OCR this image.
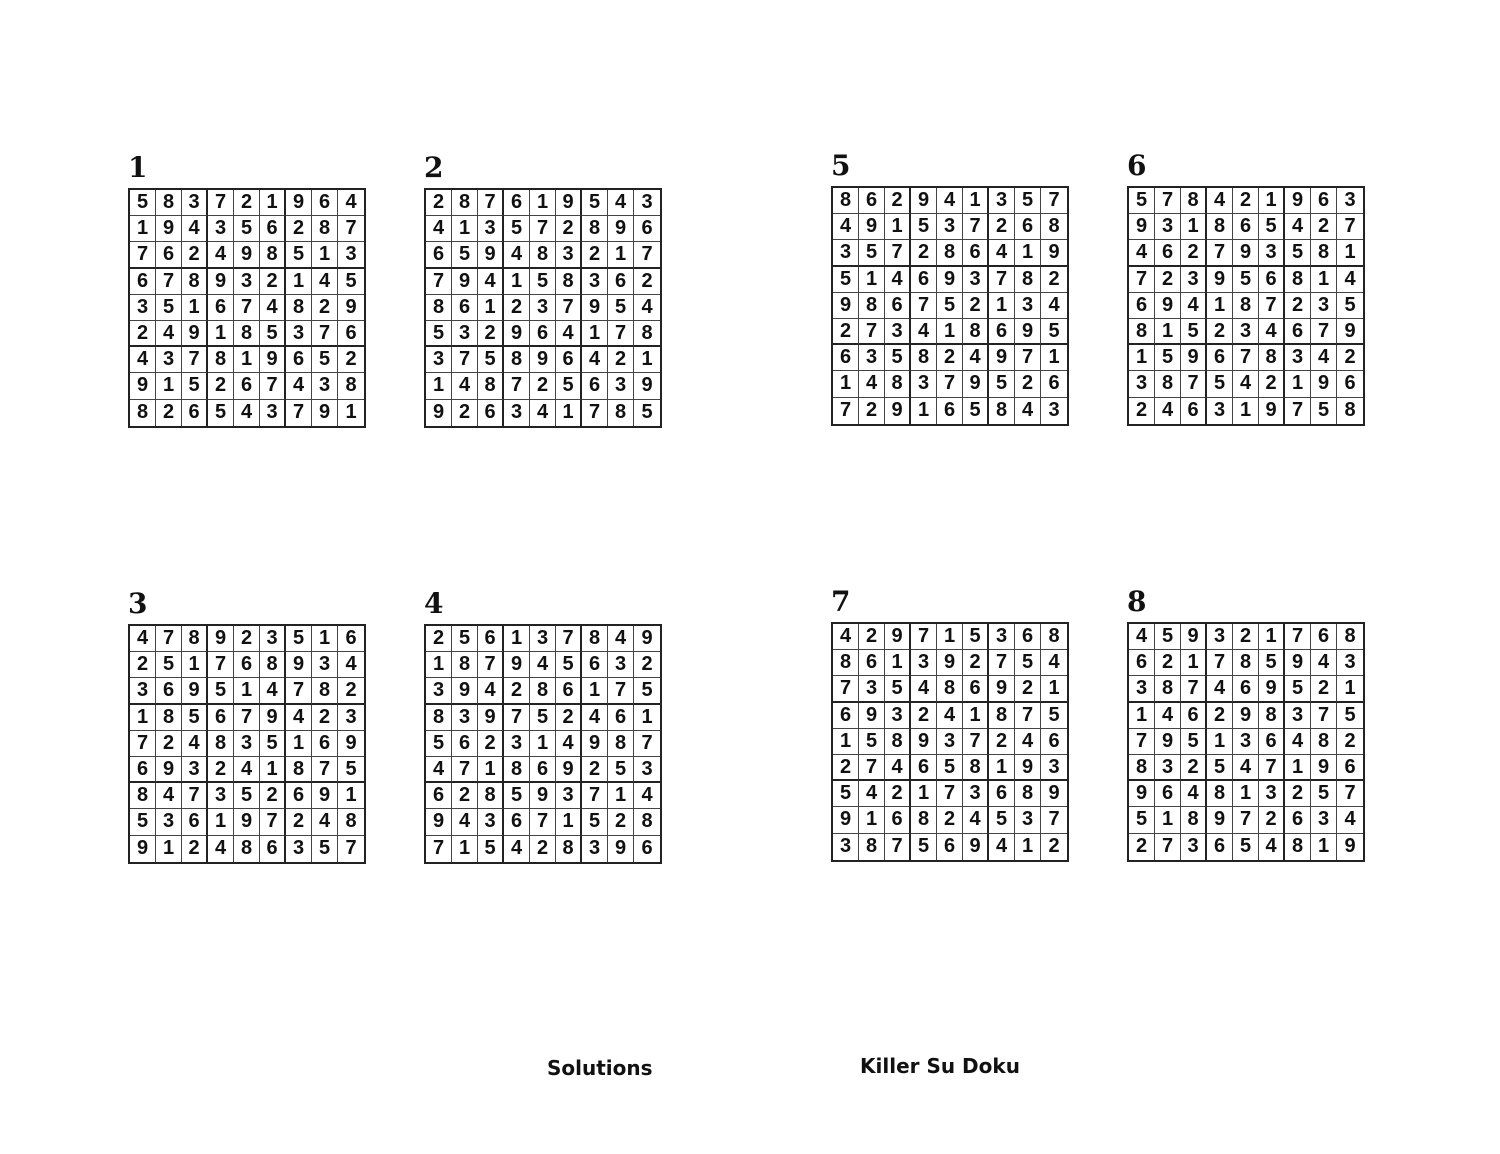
1
5 8 3 7 2 1 9 6 4
1 9 4 3 5 6 2 8 7
7 6 2 4 9 8 5 1 3
6 7 8 9 3 2 1 4 5
3 5 1 6 7 4 8 2 9
2 4 9 1 8 5 3 7 6
4 3 7 8 1 9 6 5 2
9 1 5 2 6 7 4 3 8
8 2 6 5 4 3 7 9 1
2
2 8 7 6 1 9 5 4 3
4 1 3 5 7 2 8 9 6
6 5 9 4 8 3 2 1 7
7 9 4 1 5 8 3 6 2
8 6 1 2 3 7 9 5 4
5 3 2 9 6 4 1 7 8
3 7 5 8 9 6 4 2 1
1 4 8 7 2 5 6 3 9
9 2 6 3 4 1 7 8 5
5
8 6 2 9 4 1 3 5 7
4 9 1 5 3 7 2 6 8
3 5 7 2 8 6 4 1 9
5 1 4 6 9 3 7 8 2
9 8 6 7 5 2 1 3 4
2 7 3 4 1 8 6 9 5
6 3 5 8 2 4 9 7 1
1 4 8 3 7 9 5 2 6
7 2 9 1 6 5 8 4 3
6
5 7 8 4 2 1 9 6 3
9 3 1 8 6 5 4 2 7
4 6 2 7 9 3 5 8 1
7 2 3 9 5 6 8 1 4
6 9 4 1 8 7 2 3 5
8 1 5 2 3 4 6 7 9
1 5 9 6 7 8 3 4 2
3 8 7 5 4 2 1 9 6
2 4 6 3 1 9 7 5 8
3
4 7 8 9 2 3 5 1 6
2 5 1 7 6 8 9 3 4
3 6 9 5 1 4 7 8 2
1 8 5 6 7 9 4 2 3
7 2 4 8 3 5 1 6 9
6 9 3 2 4 1 8 7 5
8 4 7 3 5 2 6 9 1
5 3 6 1 9 7 2 4 8
9 1 2 4 8 6 3 5 7
4
2 5 6 1 3 7 8 4 9
1 8 7 9 4 5 6 3 2
3 9 4 2 8 6 1 7 5
8 3 9 7 5 2 4 6 1
5 6 2 3 1 4 9 8 7
4 7 1 8 6 9 2 5 3
6 2 8 5 9 3 7 1 4
9 4 3 6 7 1 5 2 8
7 1 5 4 2 8 3 9 6
7
4 2 9 7 1 5 3 6 8
8 6 1 3 9 2 7 5 4
7 3 5 4 8 6 9 2 1
6 9 3 2 4 1 8 7 5
1 5 8 9 3 7 2 4 6
2 7 4 6 5 8 1 9 3
5 4 2 1 7 3 6 8 9
9 1 6 8 2 4 5 3 7
3 8 7 5 6 9 4 1 2
8
4 5 9 3 2 1 7 6 8
6 2 1 7 8 5 9 4 3
3 8 7 4 6 9 5 2 1
1 4 6 2 9 8 3 7 5
7 9 5 1 3 6 4 8 2
8 3 2 5 4 7 1 9 6
9 6 4 8 1 3 2 5 7
5 1 8 9 7 2 6 3 4
2 7 3 6 5 4 8 1 9
Solutions	Killer Su Doku
